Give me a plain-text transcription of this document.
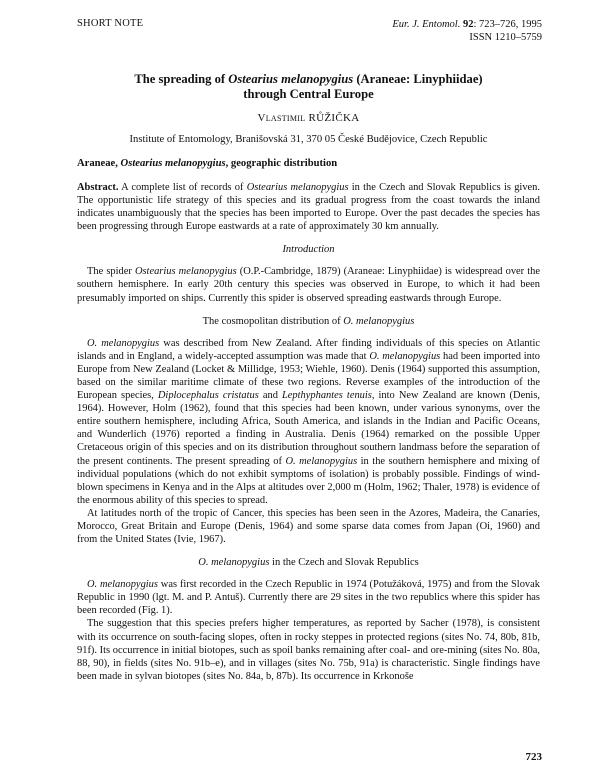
SHORT NOTE	Eur. J. Entomol. 92: 723–726, 1995
ISSN 1210–5759
The spreading of Ostearius melanopygius (Araneae: Linyphiidae)
through Central Europe
Vlastimil RŮŽIČKA
Institute of Entomology, Branišovská 31, 370 05 České Budějovice, Czech Republic
Araneae, Ostearius melanopygius, geographic distribution

Abstract. A complete list of records of Ostearius melanopygius in the Czech and Slovak Republics is given. The opportunistic life strategy of this species and its gradual progress from the coast towards the inland indicates unambiguously that the species has been imported to Europe. Over the past decades the species has been progressing through Europe eastwards at a rate of approximately 30 km annually.

Introduction

The spider Ostearius melanopygius (O.P.-Cambridge, 1879) (Araneae: Linyphiidae) is widespread over the southern hemisphere. In early 20th century this species was observed in Europe, to which it had been presumably imported on ships. Currently this spider is observed spreading eastwards through Europe.

The cosmopolitan distribution of O. melanopygius

O. melanopygius was described from New Zealand. After finding individuals of this species on Atlantic islands and in England, a widely-accepted assumption was made that O. melanopygius had been imported into Europe from New Zealand (Locket & Millidge, 1953; Wiehle, 1960). Denis (1964) supported this assumption, based on the similar maritime climate of these two regions. Reverse examples of the introduction of the European species, Diplocephalus cristatus and Lepthyphantes tenuis, into New Zealand are known (Denis, 1964). However, Holm (1962), found that this species had been known, under various synonyms, over the entire southern hemisphere, including Africa, South America, and islands in the Indian and Pacific Oceans, and Wunderlich (1976) reported a finding in Australia. Denis (1964) remarked on the possible Upper Cretaceous origin of this species and on its distribution throughout southern landmass before the separation of the present continents. The present spreading of O. melanopygius in the southern hemisphere and mixing of individual populations (which do not exhibit symptoms of isolation) is probably possible. Findings of wind-blown specimens in Kenya and in the Alps at altitudes over 2,000 m (Holm, 1962; Thaler, 1978) is evidence of the enormous ability of this species to spread.

At latitudes north of the tropic of Cancer, this species has been seen in the Azores, Madeira, the Canaries, Morocco, Great Britain and Europe (Denis, 1964) and some sparse data comes from Japan (Oi, 1960) and from the United States (Ivie, 1967).

O. melanopygius in the Czech and Slovak Republics

O. melanopygius was first recorded in the Czech Republic in 1974 (Potužáková, 1975) and from the Slovak Republic in 1990 (lgt. M. and P. Antuš). Currently there are 29 sites in the two republics where this spider has been recorded (Fig. 1).

The suggestion that this species prefers higher temperatures, as reported by Sacher (1978), is consistent with its occurrence on south-facing slopes, often in rocky steppes in protected regions (sites No. 74, 80b, 81b, 91f). Its occurrence in initial biotopes, such as spoil banks remaining after coal- and ore-mining (sites No. 80a, 88, 90), in fields (sites No. 91b–e), and in villages (sites No. 75b, 91a) is characteristic. Single findings have been made in sylvan biotopes (sites No. 84a, b, 87b). Its occurrence in Krkonoše

723
